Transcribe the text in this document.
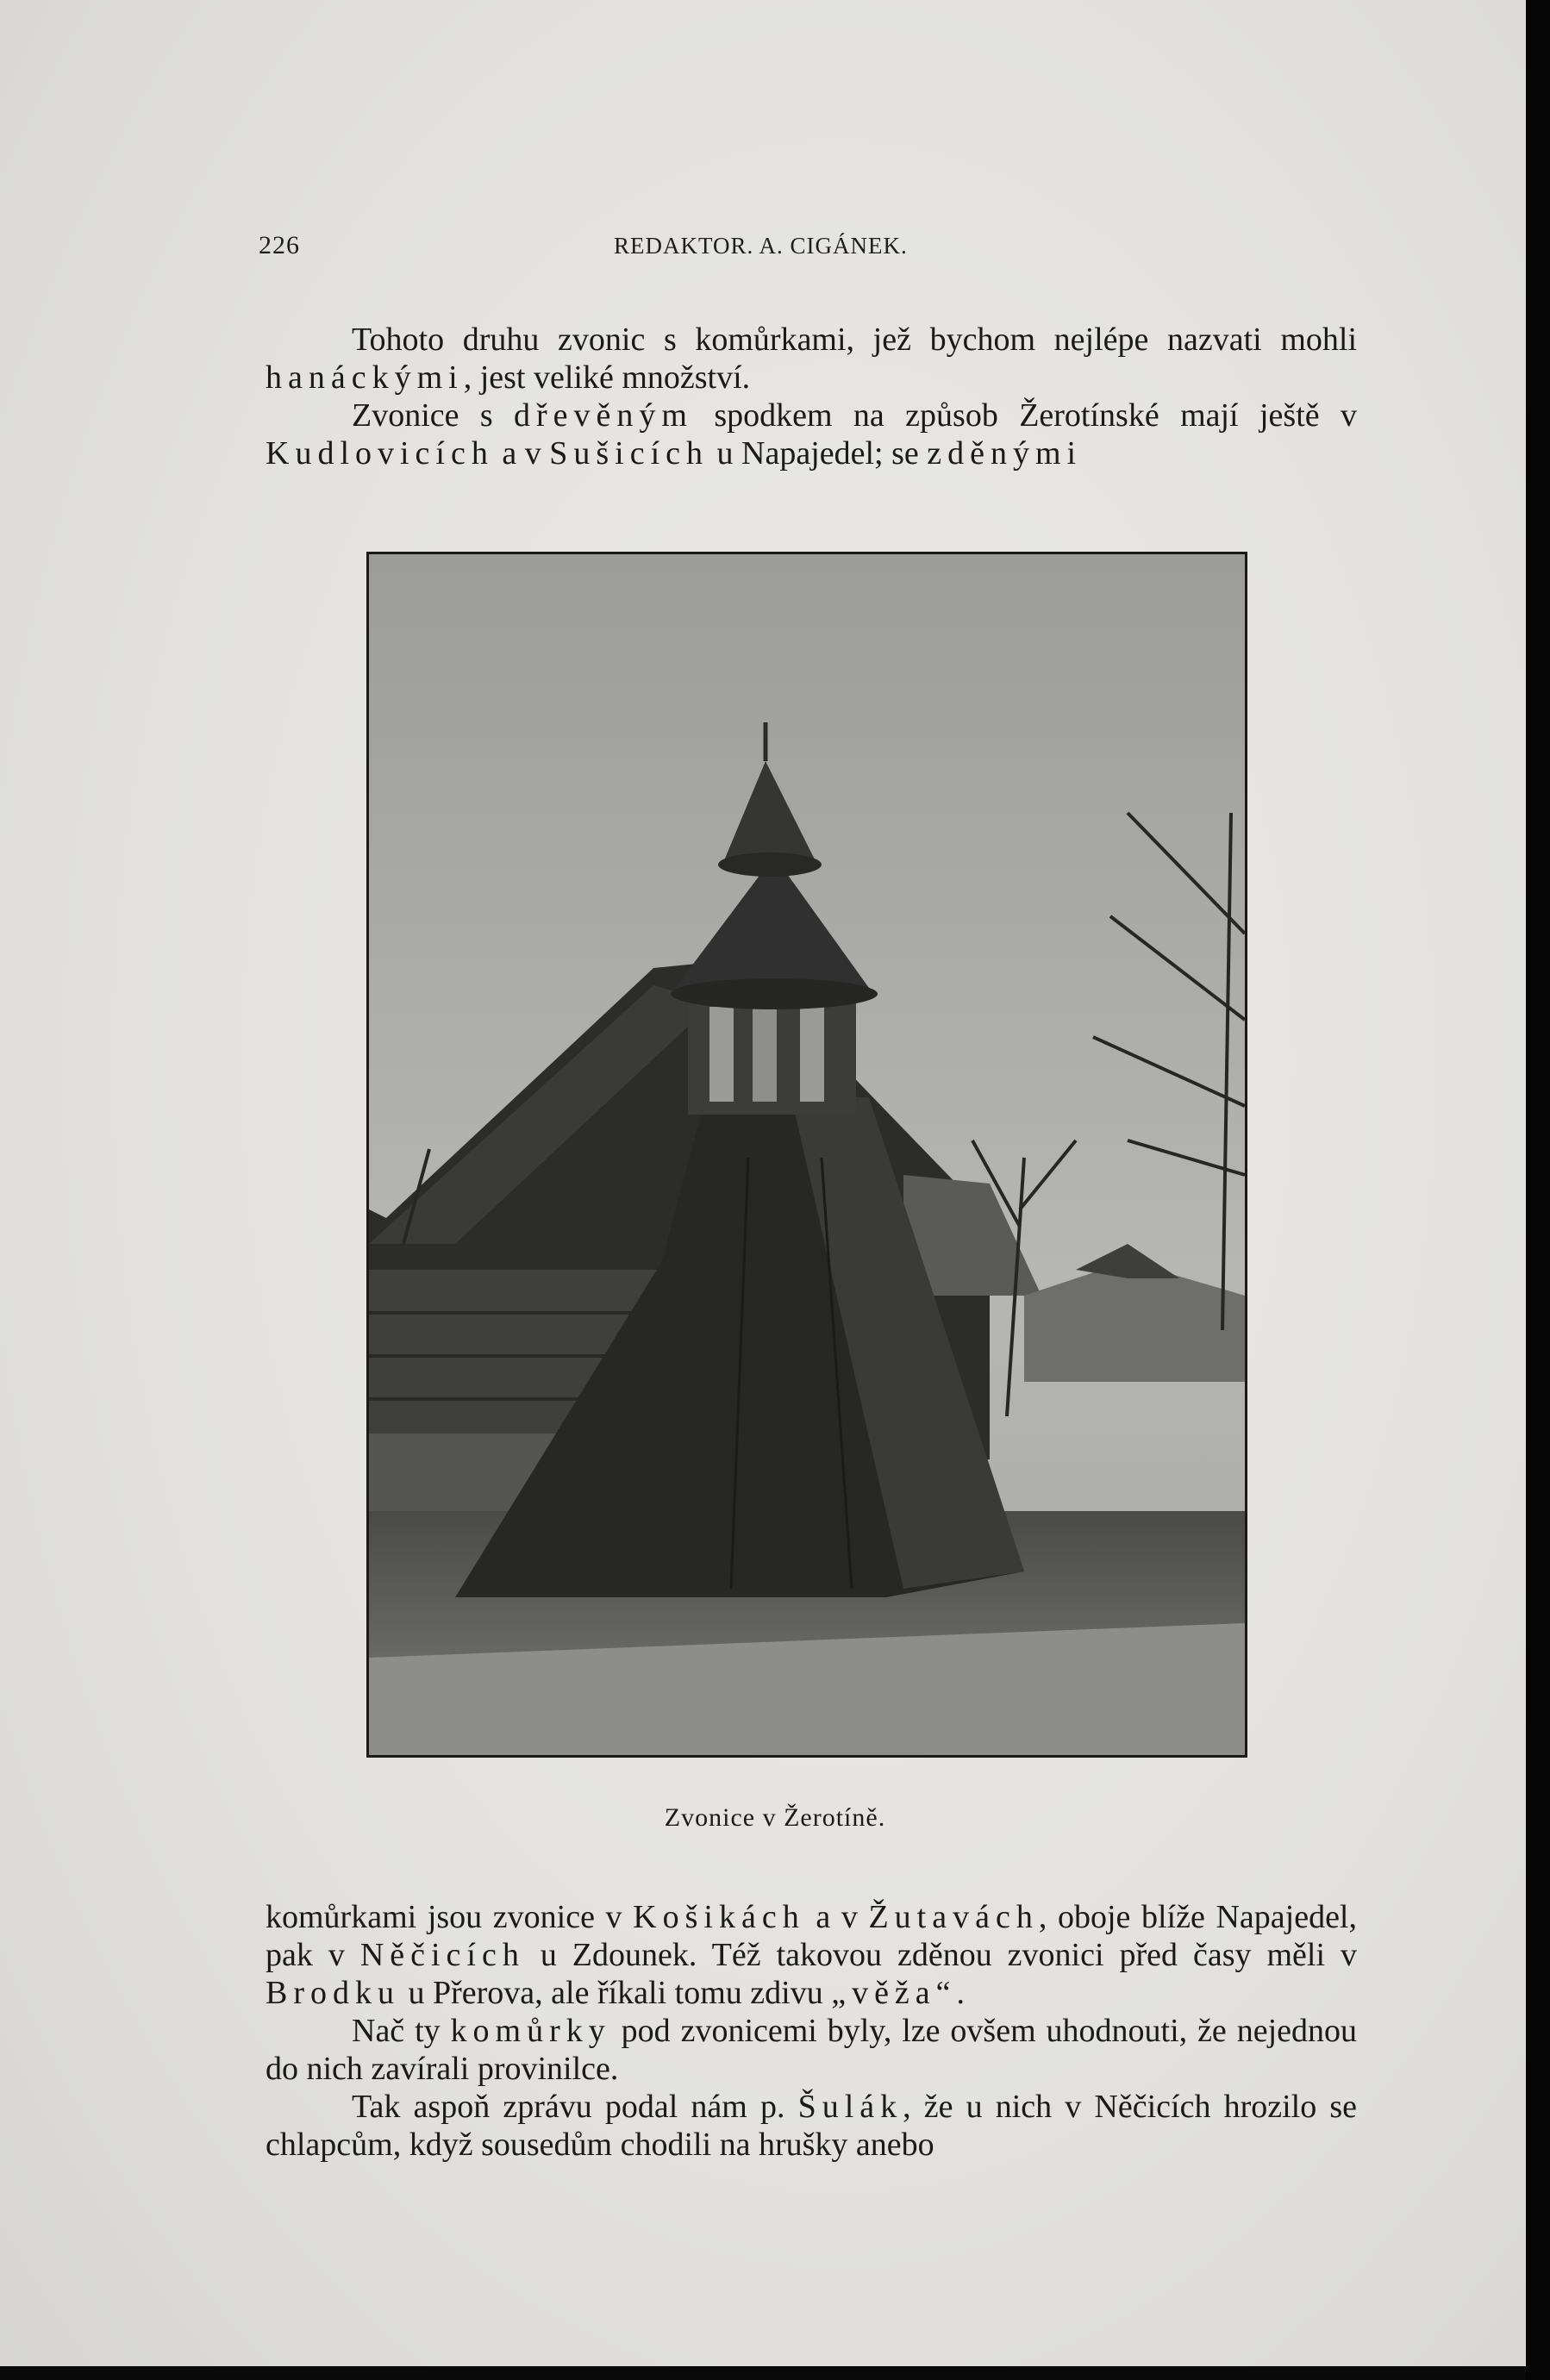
226	REDAKTOR. A. CIGÁNEK.

Tohoto druhu zvonic s komůrkami, jež bychom nejlépe nazvati mohli hanáckými, jest veliké množství.

Zvonice s dřevěným spodkem na způsob Žerotínské mají ještě v Kudlovicích a v Sušicích u Napajedel; se zděnými

Zvonice v Žerotíně.

komůrkami jsou zvonice v Košikách a v Žutavách, oboje blíže Napajedel, pak v Něčicích u Zdounek. Též takovou zděnou zvonici před časy měli v Brodku u Přerova, ale říkali tomu zdivu „věža“.

Nač ty komůrky pod zvonicemi byly, lze ovšem uhodnouti, že nejednou do nich zavírali provinilce.

Tak aspoň zprávu podal nám p. Šulák, že u nich v Něčicích hrozilo se chlapcům, když sousedům chodili na hrušky anebo
